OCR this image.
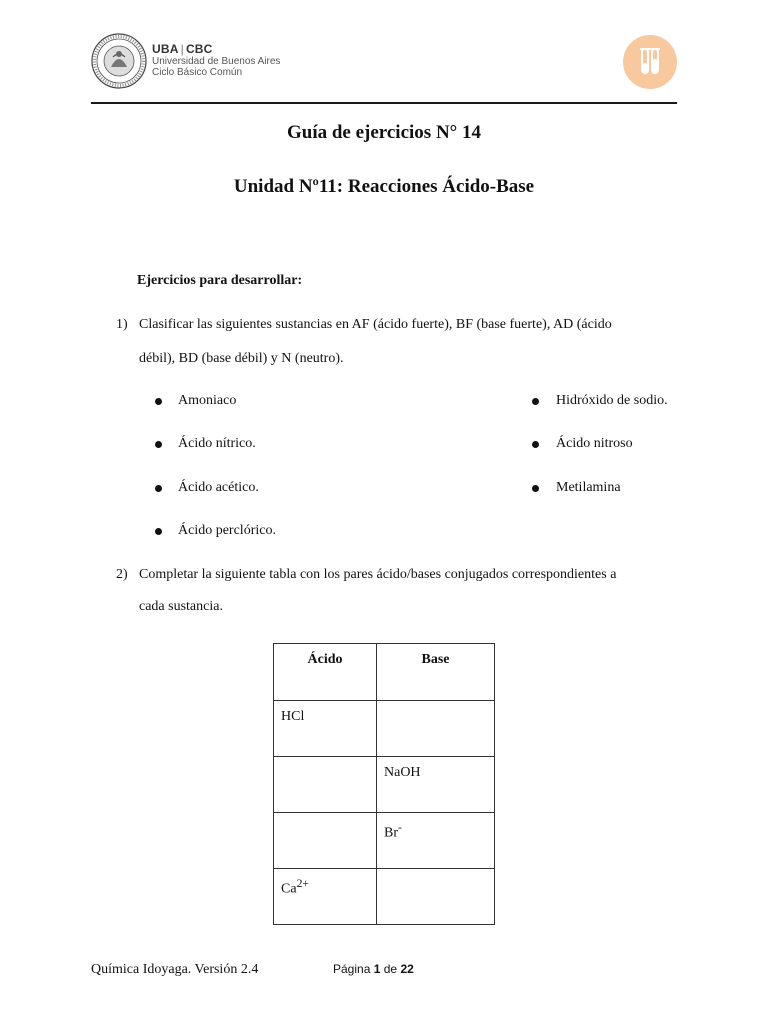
UBA | CBC
Universidad de Buenos Aires
Ciclo Básico Común
Guía de ejercicios N° 14
Unidad Nº11: Reacciones Ácido-Base

Ejercicios para desarrollar:

1) Clasificar las siguientes sustancias en AF (ácido fuerte), BF (base fuerte), AD (ácido

débil), BD (base débil) y N (neutro).

Amoniaco
Ácido nítrico.
Ácido acético.
Ácido perclórico.
Hidróxido de sodio.
Ácido nitroso
Metilamina
2) Completar la siguiente tabla con los pares ácido/bases conjugados correspondientes a

cada sustancia.

Ácido	Base
HCl	
	NaOH
	Br-
$Ca^{2+}$	
Química Idoyaga. Versión 2.4	Página 1 de 22
